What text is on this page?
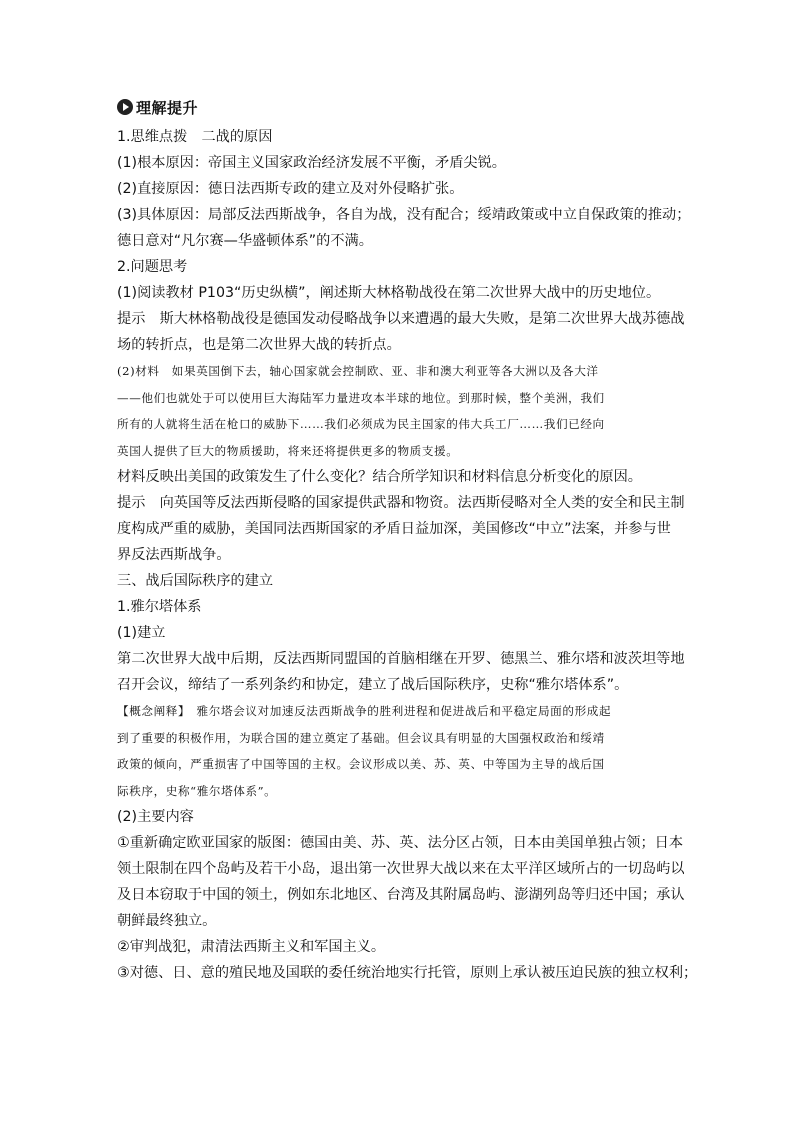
理解提升
1.思维点拨　二战的原因
(1)根本原因：帝国主义国家政治经济发展不平衡，矛盾尖锐。
(2)直接原因：德日法西斯专政的建立及对外侵略扩张。
(3)具体原因：局部反法西斯战争，各自为战，没有配合；绥靖政策或中立自保政策的推动；
德日意对“凡尔赛—华盛顿体系”的不满。
2.问题思考
(1)阅读教材 P103“历史纵横”，阐述斯大林格勒战役在第二次世界大战中的历史地位。
提示　斯大林格勒战役是德国发动侵略战争以来遭遇的最大失败，是第二次世界大战苏德战
场的转折点，也是第二次世界大战的转折点。
(2)材料　如果英国倒下去，轴心国家就会控制欧、亚、非和澳大利亚等各大洲以及各大洋
——他们也就处于可以使用巨大海陆军力量进攻本半球的地位。到那时候，整个美洲，我们
所有的人就将生活在枪口的威胁下……我们必须成为民主国家的伟大兵工厂……我们已经向
英国人提供了巨大的物质援助，将来还将提供更多的物质支援。
材料反映出美国的政策发生了什么变化？结合所学知识和材料信息分析变化的原因。
提示　向英国等反法西斯侵略的国家提供武器和物资。法西斯侵略对全人类的安全和民主制
度构成严重的威胁，美国同法西斯国家的矛盾日益加深，美国修改“中立”法案，并参与世
界反法西斯战争。
三、战后国际秩序的建立
1.雅尔塔体系
(1)建立
第二次世界大战中后期，反法西斯同盟国的首脑相继在开罗、德黑兰、雅尔塔和波茨坦等地
召开会议，缔结了一系列条约和协定，建立了战后国际秩序，史称“雅尔塔体系”。
【概念阐释】　雅尔塔会议对加速反法西斯战争的胜利进程和促进战后和平稳定局面的形成起
到了重要的积极作用，为联合国的建立奠定了基础。但会议具有明显的大国强权政治和绥靖
政策的倾向，严重损害了中国等国的主权。会议形成以美、苏、英、中等国为主导的战后国
际秩序，史称“雅尔塔体系”。
(2)主要内容
①重新确定欧亚国家的版图：德国由美、苏、英、法分区占领，日本由美国单独占领；日本
领土限制在四个岛屿及若干小岛，退出第一次世界大战以来在太平洋区域所占的一切岛屿以
及日本窃取于中国的领土，例如东北地区、台湾及其附属岛屿、澎湖列岛等归还中国；承认
朝鲜最终独立。
②审判战犯，肃清法西斯主义和军国主义。
③对德、日、意的殖民地及国联的委任统治地实行托管，原则上承认被压迫民族的独立权利；
